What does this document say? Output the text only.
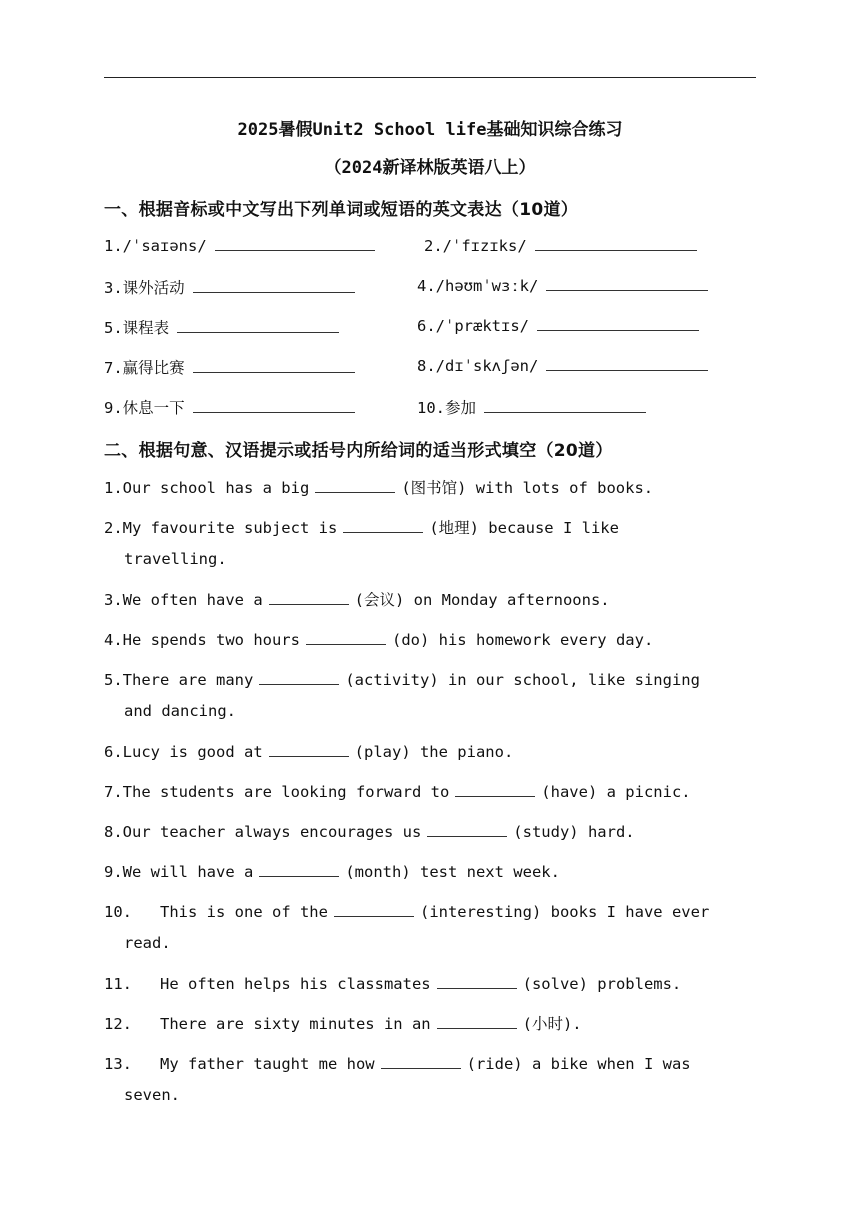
2025暑假Unit2 School life基础知识综合练习
（2024新译林版英语八上）
一、根据音标或中文写出下列单词或短语的英文表达（10道）
1./ˈsaɪəns/	2./ˈfɪzɪks/
3.课外活动	4./həʊmˈwɜːk/
5.课程表	6./ˈpræktɪs/
7.赢得比赛	8./dɪˈskʌʃən/
9.休息一下	10.参加
二、根据句意、汉语提示或括号内所给词的适当形式填空（20道）
1.Our school has a big	(图书馆) with lots of books.
2.My favourite subject is	(地理) because I like
travelling.
3.We often have a	(会议) on Monday afternoons.
4.He spends two hours	(do) his homework every day.
5.There are many	(activity) in our school, like singing
and dancing.
6.Lucy is good at	(play) the piano.
7.The students are looking forward to	(have) a picnic.
8.Our teacher always encourages us	(study) hard.
9.We will have a	(month) test next week.
10. This is one of the	(interesting) books I have ever
read.
11. He often helps his classmates	(solve) problems.
12. There are sixty minutes in an	(小时).
13. My father taught me how	(ride) a bike when I was
seven.
